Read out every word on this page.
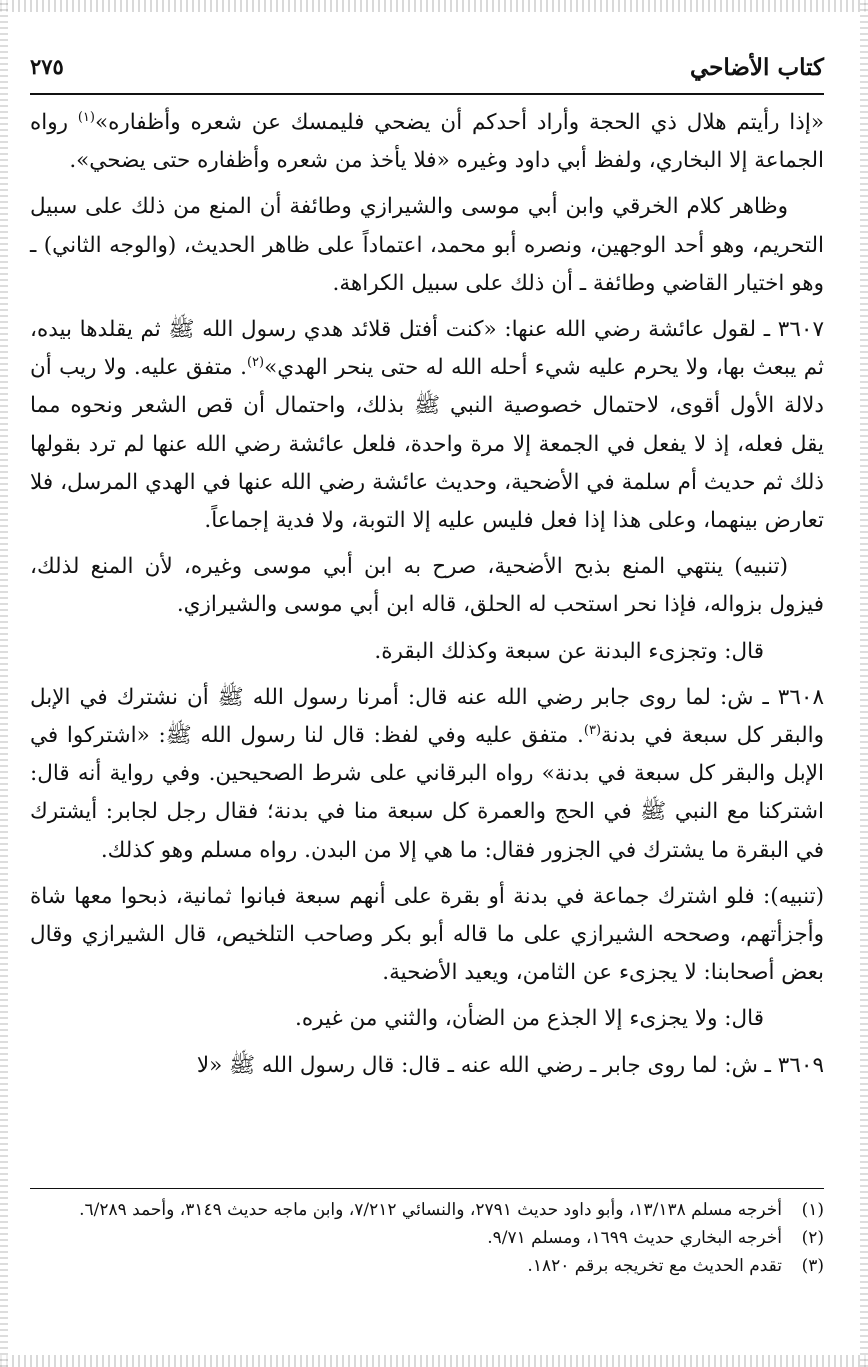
كتاب الأضاحي
٢٧٥

«إذا رأيتم هلال ذي الحجة وأراد أحدكم أن يضحي فليمسك عن شعره وأظفاره»$^{(١)}$ رواه الجماعة إلا البخاري، ولفظ أبي داود وغيره «فلا يأخذ من شعره وأظفاره حتى يضحي».

وظاهر كلام الخرقي وابن أبي موسى والشيرازي وطائفة أن المنع من ذلك على سبيل التحريم، وهو أحد الوجهين، ونصره أبو محمد، اعتماداً على ظاهر الحديث، (والوجه الثاني) ـ وهو اختيار القاضي وطائفة ـ أن ذلك على سبيل الكراهة.

٣٦٠٧ ـ لقول عائشة رضي الله عنها: «كنت أفتل قلائد هدي رسول الله ﷺ ثم يقلدها بيده، ثم يبعث بها، ولا يحرم عليه شيء أحله الله له حتى ينحر الهدي»$^{(٢)}$. متفق عليه. ولا ريب أن دلالة الأول أقوى، لاحتمال خصوصية النبي ﷺ بذلك، واحتمال أن قص الشعر ونحوه مما يقل فعله، إذ لا يفعل في الجمعة إلا مرة واحدة، فلعل عائشة رضي الله عنها لم ترد بقولها ذلك ثم حديث أم سلمة في الأضحية، وحديث عائشة رضي الله عنها في الهدي المرسل، فلا تعارض بينهما، وعلى هذا إذا فعل فليس عليه إلا التوبة، ولا فدية إجماعاً.

(تنبيه) ينتهي المنع بذبح الأضحية، صرح به ابن أبي موسى وغيره، لأن المنع لذلك، فيزول بزواله، فإذا نحر استحب له الحلق، قاله ابن أبي موسى والشيرازي.

قال: وتجزىء البدنة عن سبعة وكذلك البقرة.

٣٦٠٨ ـ ش: لما روى جابر رضي الله عنه قال: أمرنا رسول الله ﷺ أن نشترك في الإبل والبقر كل سبعة في بدنة$^{(٣)}$. متفق عليه وفي لفظ: قال لنا رسول الله ﷺ: «اشتركوا في الإبل والبقر كل سبعة في بدنة» رواه البرقاني على شرط الصحيحين. وفي رواية أنه قال: اشتركنا مع النبي ﷺ في الحج والعمرة كل سبعة منا في بدنة؛ فقال رجل لجابر: أيشترك في البقرة ما يشترك في الجزور فقال: ما هي إلا من البدن. رواه مسلم وهو كذلك.

(تنبيه): فلو اشترك جماعة في بدنة أو بقرة على أنهم سبعة فبانوا ثمانية، ذبحوا معها شاة وأجزأتهم، وصححه الشيرازي على ما قاله أبو بكر وصاحب التلخيص، قال الشيرازي وقال بعض أصحابنا: لا يجزىء عن الثامن، ويعيد الأضحية.

قال: ولا يجزىء إلا الجذع من الضأن، والثني من غيره.

٣٦٠٩ ـ ش: لما روى جابر ـ رضي الله عنه ـ قال: قال رسول الله ﷺ «لا

(١)
أخرجه مسلم ١٣/١٣٨، وأبو داود حديث ٢٧٩١، والنسائي ٧/٢١٢، وابن ماجه حديث ٣١٤٩، وأحمد ٦/٢٨٩.
(٢)
أخرجه البخاري حديث ١٦٩٩، ومسلم ٩/٧١.
(٣)
تقدم الحديث مع تخريجه برقم ١٨٢٠.
